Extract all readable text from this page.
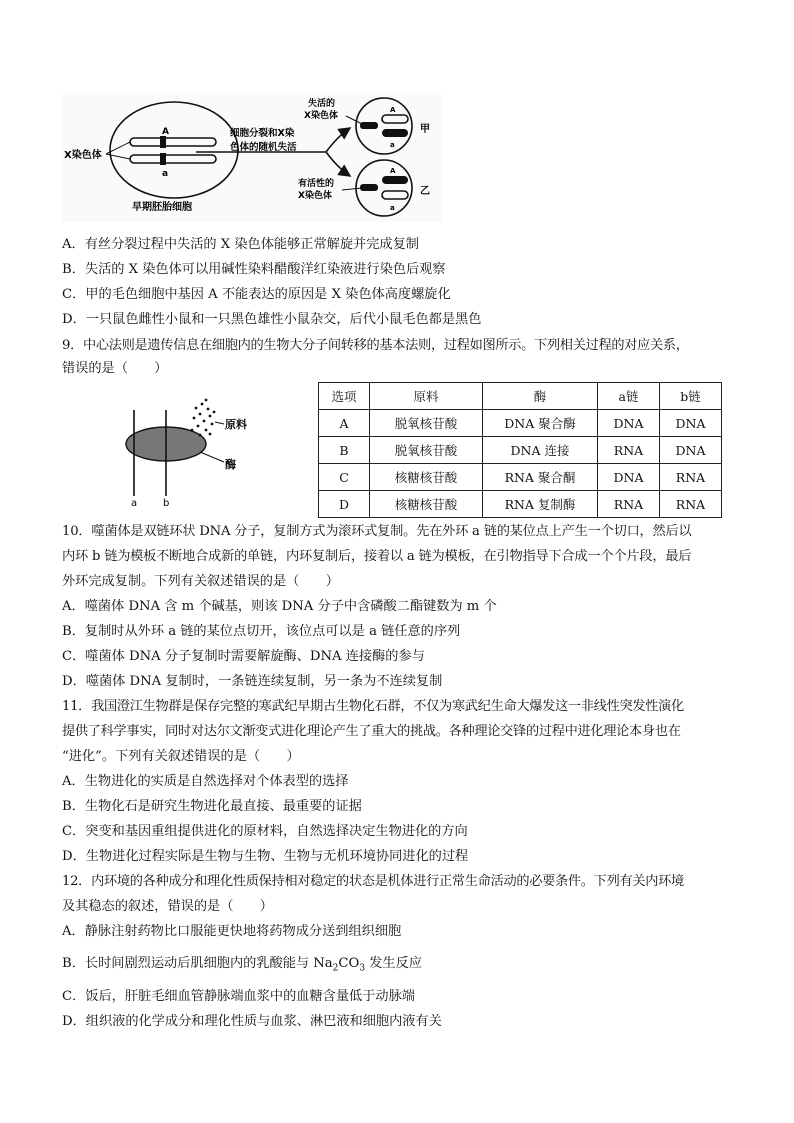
A
a
X染色体
早期胚胎细胞
细胞分裂和X染
色体的随机失活
A
a
甲
失活的
X染色体
A
a
乙
有活性的
X染色体
A．有丝分裂过程中失活的 X 染色体能够正常解旋并完成复制
B．失活的 X 染色体可以用碱性染料醋酸洋红染液进行染色后观察
C．甲的毛色细胞中基因 A 不能表达的原因是 X 染色体高度螺旋化
D．一只鼠色雌性小鼠和一只黑色雄性小鼠杂交，后代小鼠毛色都是黑色
9．中心法则是遗传信息在细胞内的生物大分子间转移的基本法则，过程如图所示。下列相关过程的对应关系，
错误的是（　　）
原料
酶
a	b
选项	原料	酶	a链	b链
A	脱氧核苷酸	DNA 聚合酶	DNA	DNA
B	脱氧核苷酸	DNA 连接	RNA	DNA
C	核糖核苷酸	RNA 聚合酮	DNA	RNA
D	核糖核苷酸	RNA 复制酶	RNA	RNA
10．噬菌体是双链环状 DNA 分子，复制方式为滚环式复制。先在外环 a 链的某位点上产生一个切口，然后以
内环 b 链为模板不断地合成新的单链，内环复制后，接着以 a 链为模板，在引物指导下合成一个个片段，最后
外环完成复制。下列有关叙述错误的是（　　）
A．噬菌体 DNA 含 m 个碱基，则该 DNA 分子中含磷酸二酯键数为 m 个
B．复制时从外环 a 链的某位点切开，该位点可以是 a 链任意的序列
C．噬菌体 DNA 分子复制时需要解旋酶、DNA 连接酶的参与
D．噬菌体 DNA 复制时，一条链连续复制，另一条为不连续复制
11．我国澄江生物群是保存完整的寒武纪早期古生物化石群，不仅为寒武纪生命大爆发这一非线性突发性演化
提供了科学事实，同时对达尔文渐变式进化理论产生了重大的挑战。各种理论交锋的过程中进化理论本身也在
“进化”。下列有关叙述错误的是（　　）
A．生物进化的实质是自然选择对个体表型的选择
B．生物化石是研究生物进化最直接、最重要的证据
C．突变和基因重组提供进化的原材料，自然选择决定生物进化的方向
D．生物进化过程实际是生物与生物、生物与无机环境协同进化的过程
12．内环境的各种成分和理化性质保持相对稳定的状态是机体进行正常生命活动的必要条件。下列有关内环境
及其稳态的叙述，错误的是（　　）
A．静脉注射药物比口服能更快地将药物成分送到组织细胞
B．长时间剧烈运动后肌细胞内的乳酸能与 $Na_2CO_3$ 发生反应
C．饭后，肝脏毛细血管静脉端血浆中的血糖含量低于动脉端
D．组织液的化学成分和理化性质与血浆、淋巴液和细胞内液有关
